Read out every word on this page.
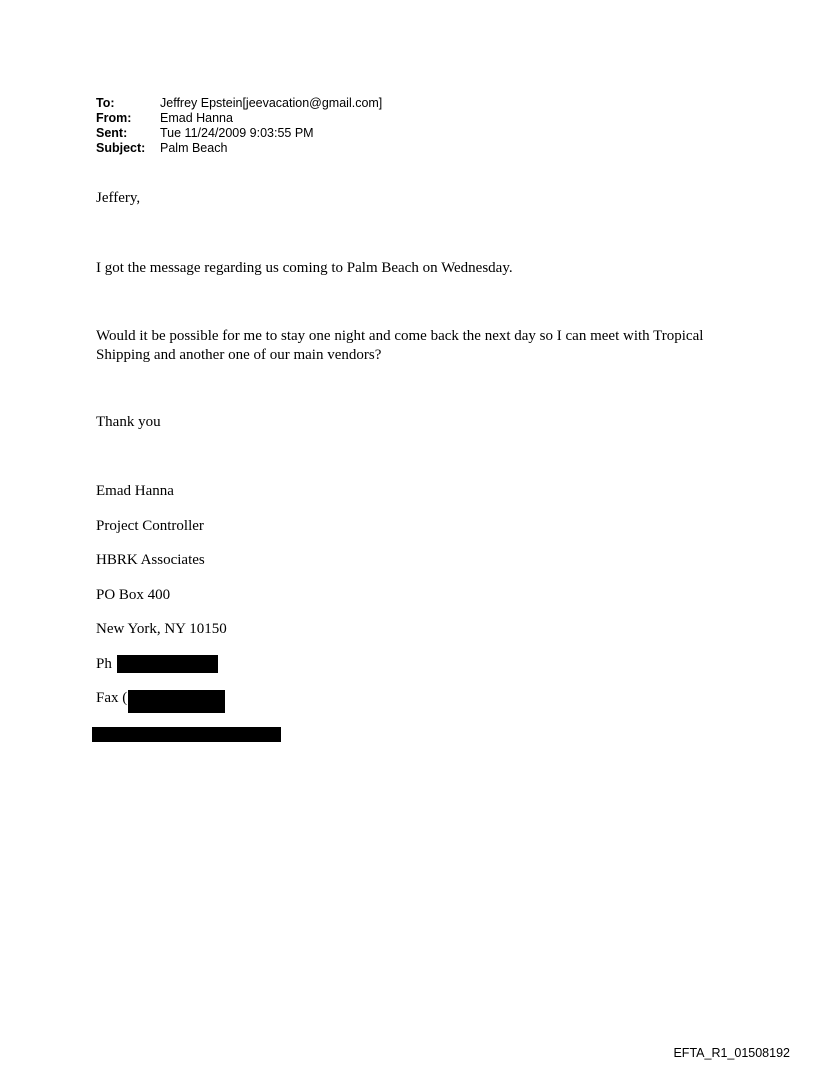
To:	Jeffrey Epstein[jeevacation@gmail.com]
From:	Emad Hanna
Sent:	Tue 11/24/2009 9:03:55 PM
Subject:	Palm Beach
Jeffery,
I got the message regarding us coming to Palm Beach on Wednesday.
Would it be possible for me to stay one night and come back the next day so I can meet with Tropical Shipping and another one of our main vendors?
Thank you
Emad Hanna
Project Controller
HBRK Associates
PO Box 400
New York, NY 10150
Ph
Fax (
EFTA_R1_01508192
